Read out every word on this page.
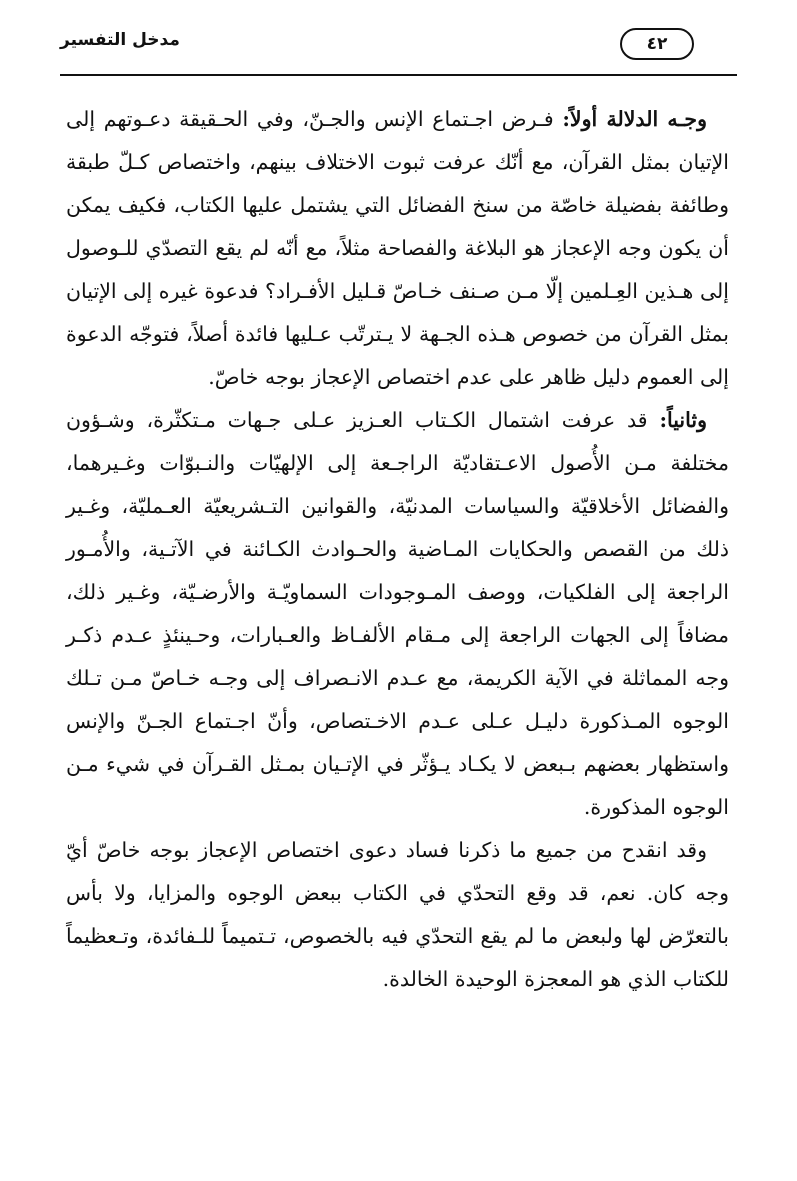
مدخل التفسير	٤٢

وجـه الدلالة أولاً: فـرض اجـتماع الإنس والجـنّ، وفي الحـقيقة دعـوتهم إلى الإتيان بمثل القرآن، مع أنّك عرفت ثبوت الاختلاف بينهم، واختصاص كـلّ طبقة وطائفة بفضيلة خاصّة من سنخ الفضائل التي يشتمل عليها الكتاب، فكيف يمكن أن يكون وجه الإعجاز هو البلاغة والفصاحة مثلاً، مع أنّه لم يقع التصدّي للـوصول إلى هـذين العِـلمين إلّا مـن صـنف خـاصّ قـليل الأفـراد؟ فدعوة غيره إلى الإتيان بمثل القرآن من خصوص هـذه الجـهة لا يـترتّب عـليها فائدة أصلاً، فتوجّه الدعوة إلى العموم دليل ظاهر على عدم اختصاص الإعجاز بوجه خاصّ.

وثانياً: قد عرفت اشتمال الكـتاب العـزيز عـلى جـهات مـتكثّرة، وشـؤون مختلفة مـن الأُصول الاعـتقاديّة الراجـعة إلى الإلهيّات والنـبوّات وغـيرهما، والفضائل الأخلاقيّة والسياسات المدنيّة، والقوانين التـشريعيّة العـمليّة، وغـير ذلك من القصص والحكايات المـاضية والحـوادث الكـائنة في الآتـية، والأُمـور الراجعة إلى الفلكيات، ووصف المـوجودات السماويّـة والأرضـيّة، وغـير ذلك، مضافاً إلى الجهات الراجعة إلى مـقام الألفـاظ والعـبارات، وحـينئذٍ عـدم ذكـر وجه المماثلة في الآية الكريمة، مع عـدم الانـصراف إلى وجـه خـاصّ مـن تـلك الوجوه المـذكورة دليـل عـلى عـدم الاخـتصاص، وأنّ اجـتماع الجـنّ والإنس واستظهار بعضهم بـبعض لا يكـاد يـؤثّر في الإتـيان بمـثل القـرآن في شيء مـن الوجوه المذكورة.

وقد انقدح من جميع ما ذكرنا فساد دعوى اختصاص الإعجاز بوجه خاصّ أيّ وجه كان. نعم، قد وقع التحدّي في الكتاب ببعض الوجوه والمزايا، ولا بأس بالتعرّض لها ولبعض ما لم يقع التحدّي فيه بالخصوص، تـتميماً للـفائدة، وتـعظيماً للكتاب الذي هو المعجزة الوحيدة الخالدة.
